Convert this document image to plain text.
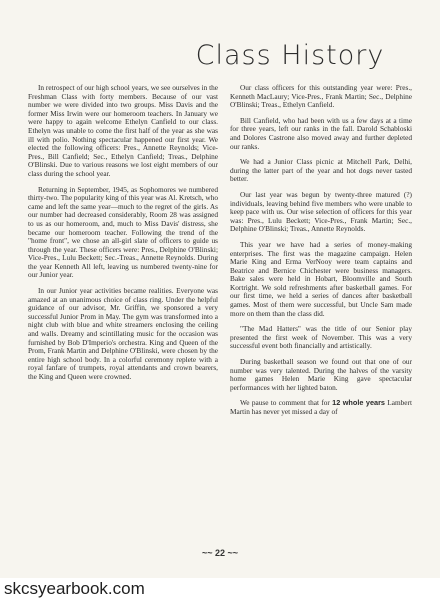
Class History

In retrospect of our high school years, we see ourselves in the Freshman Class with forty members. Because of our vast number we were divided into two groups. Miss Davis and the former Miss Irwin were our homeroom teachers. In January we were happy to again welcome Ethelyn Canfield to our class. Ethelyn was unable to come the first half of the year as she was ill with polio. Nothing spectacular happened our first year. We elected the following officers: Pres., Annette Reynolds; Vice-Pres., Bill Canfield; Sec., Ethelyn Canfield; Treas., Delphine O'Blinski. Due to various reasons we lost eight members of our class during the school year.

Returning in September, 1945, as Sophomores we numbered thirty-two. The popularity king of this year was Al. Kretsch, who came and left the same year—much to the regret of the girls. As our number had decreased considerably, Room 28 was assigned to us as our homeroom, and, much to Miss Davis' distress, she became our homeroom teacher. Following the trend of the "home front", we chose an all-girl slate of officers to guide us through the year. These officers were: Pres., Delphine O'Blinski; Vice-Pres., Lulu Beckett; Sec.-Treas., Annette Reynolds. During the year Kenneth All left, leaving us numbered twenty-nine for our Junior year.

In our Junior year activities became realities. Everyone was amazed at an unanimous choice of class ring. Under the helpful guidance of our advisor, Mr. Griffin, we sponsored a very successful Junior Prom in May. The gym was transformed into a night club with blue and white streamers enclosing the ceiling and walls. Dreamy and scintillating music for the occasion was furnished by Bob D'Imperio's orchestra. King and Queen of the Prom, Frank Martin and Delphine O'Blinski, were chosen by the entire high school body. In a colorful ceremony replete with a royal fanfare of trumpets, royal attendants and crown bearers, the King and Queen were crowned.

Our class officers for this outstanding year were: Pres., Kenneth MacLaury; Vice-Pres., Frank Martin; Sec., Delphine O'Blinski; Treas., Ethelyn Canfield.

Bill Canfield, who had been with us a few days at a time for three years, left our ranks in the fall. Darold Schabloski and Dolores Castrone also moved away and further depleted our ranks.

We had a Junior Class picnic at Mitchell Park, Delhi, during the latter part of the year and hot dogs never tasted better.

Our last year was begun by twenty-three matured (?) individuals, leaving behind five members who were unable to keep pace with us. Our wise selection of officers for this year was: Pres., Lulu Beckett; Vice-Pres., Frank Martin; Sec., Delphine O'Blinski; Treas., Annette Reynolds.

This year we have had a series of money-making enterprises. The first was the magazine campaign. Helen Marie King and Erma VerNooy were team captains and Beatrice and Bernice Chichester were business managers. Bake sales were held in Hobart, Bloomville and South Kortright. We sold refreshments after basketball games. For our first time, we held a series of dances after basketball games. Most of them were successful, but Uncle Sam made more on them than the class did.

"The Mad Hatters" was the title of our Senior play presented the first week of November. This was a very successful event both financially and artistically.

During basketball season we found out that one of our number was very talented. During the halves of the varsity home games Helen Marie King gave spectacular performances with her lighted baton.

We pause to comment that for 12 whole years Lambert Martin has never yet missed a day of

~~ 22 ~~
skcsyearbook.com
